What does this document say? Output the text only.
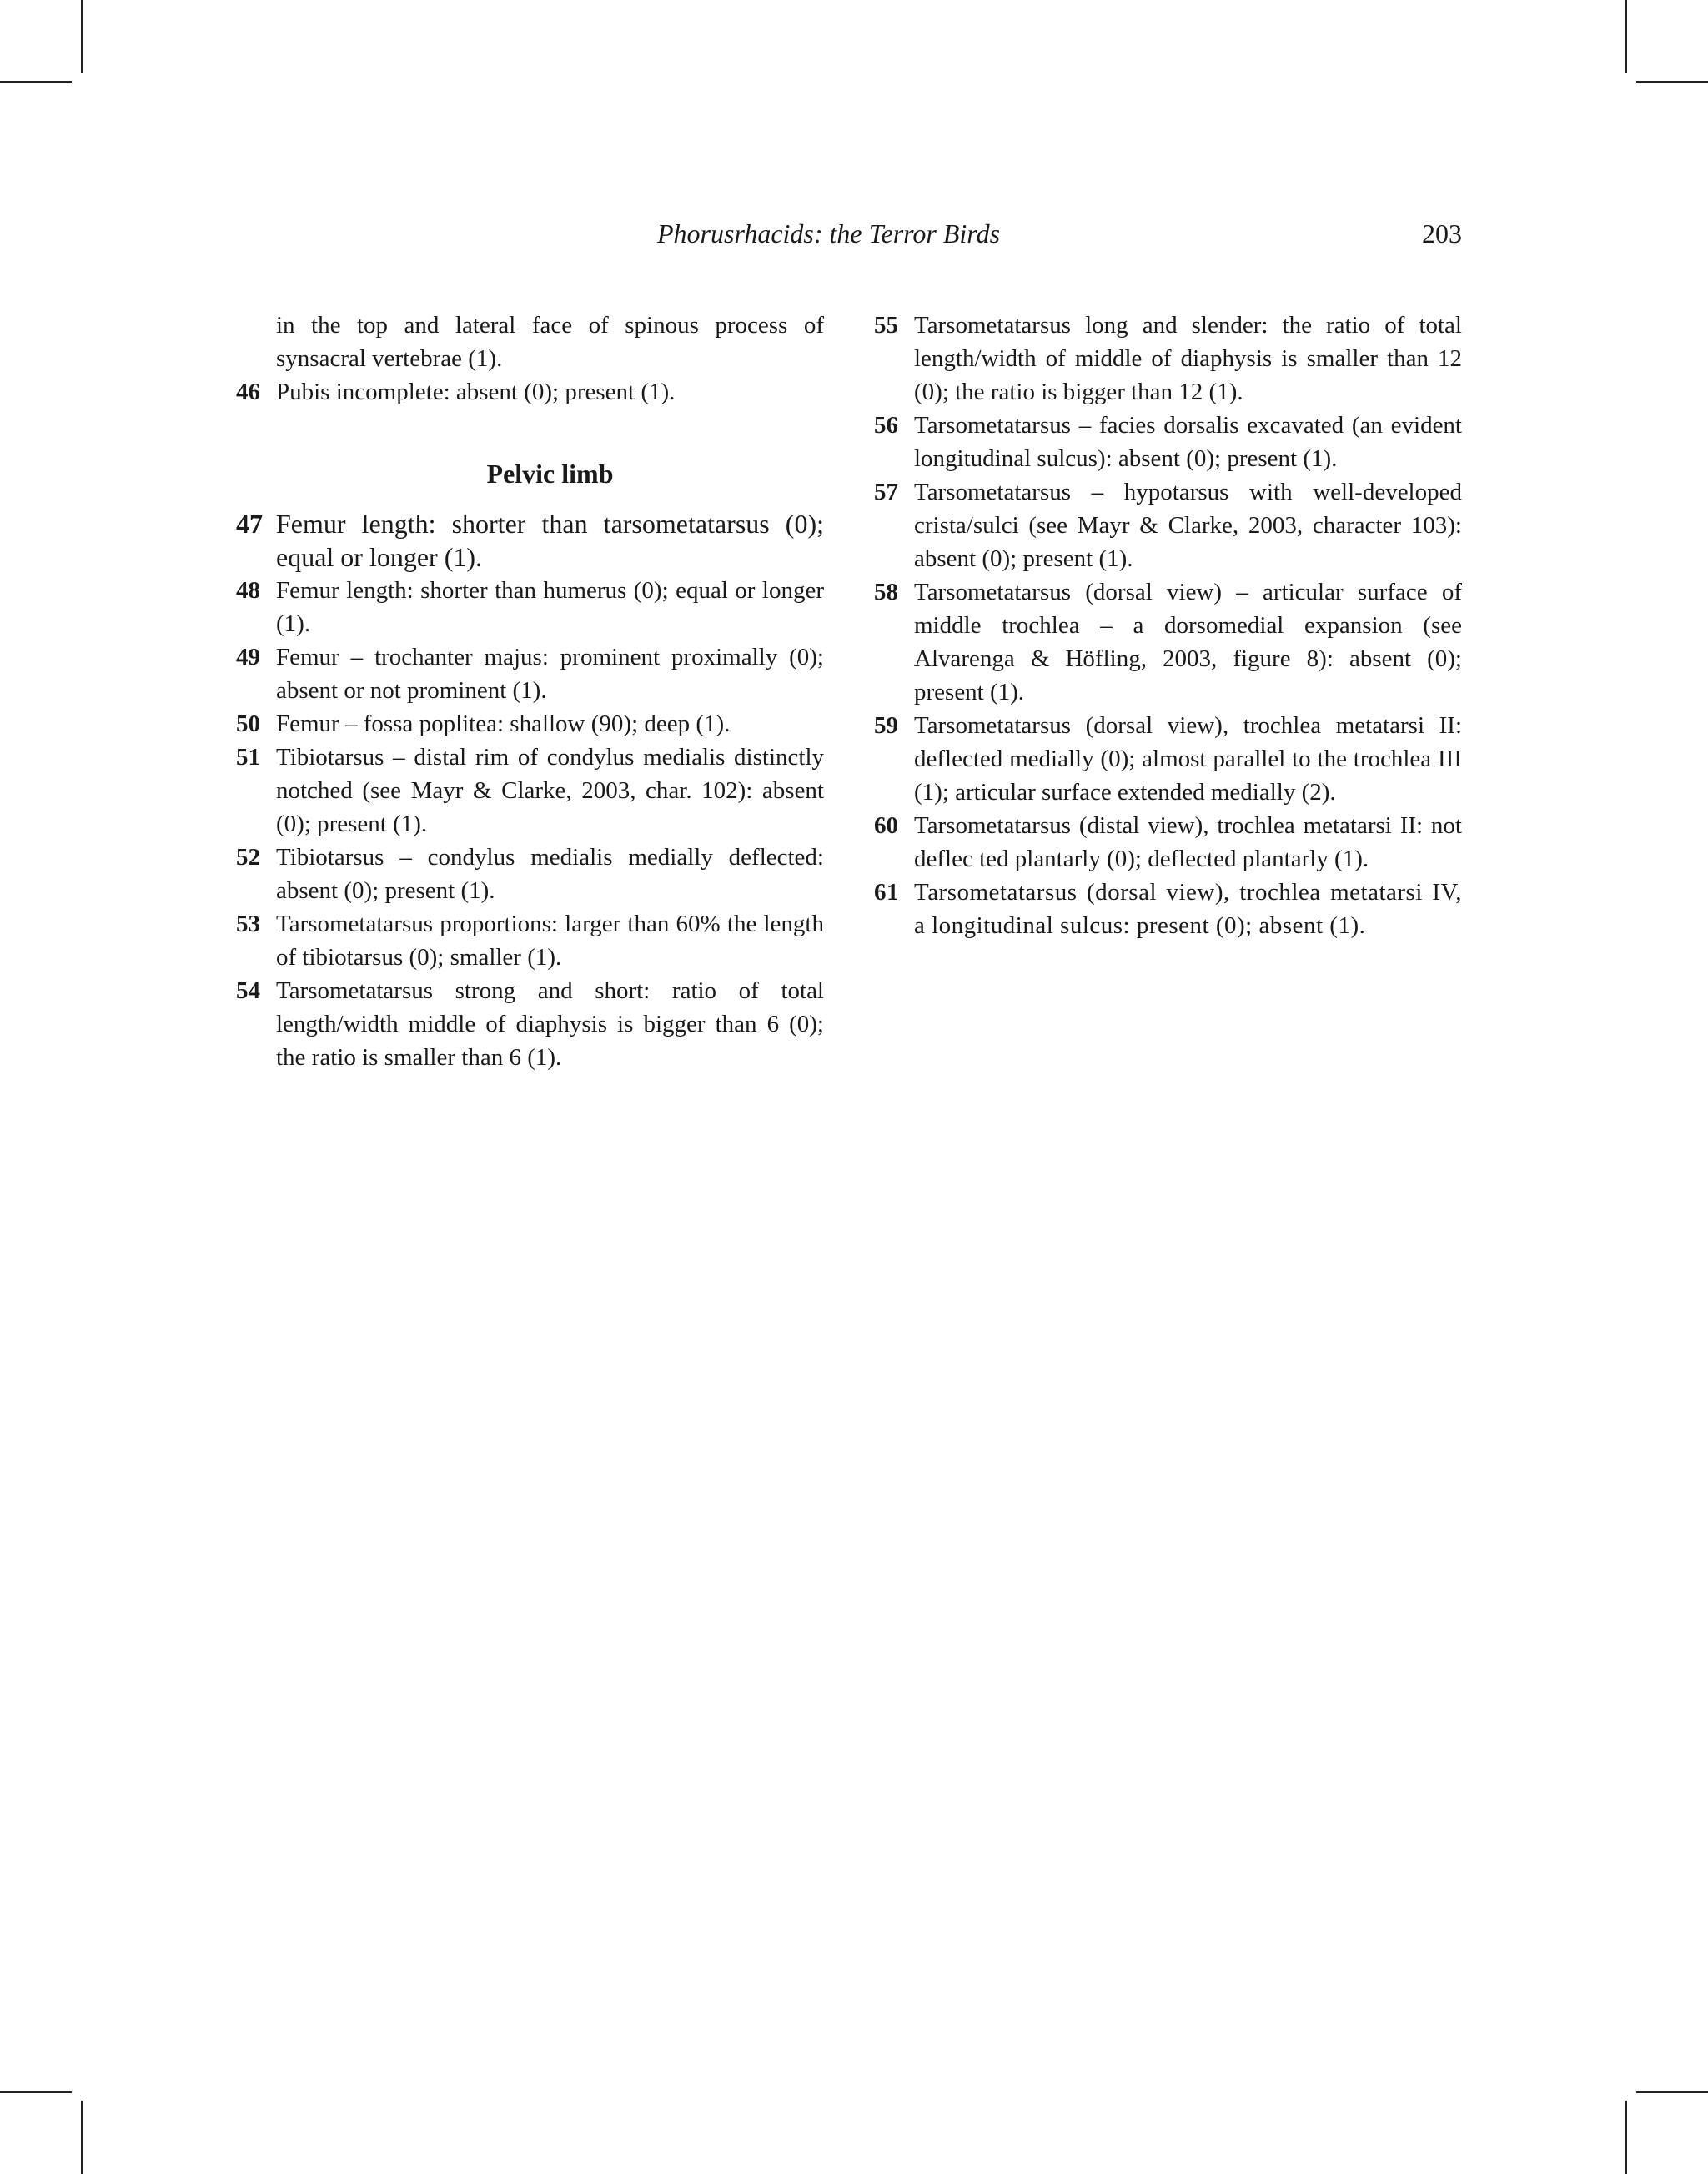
Phorusrhacids: the Terror Birds	203

in the top and lateral face of spinous process of synsacral vertebrae (1).

46 Pubis incomplete: absent (0); present (1).

Pelvic limb

47 Femur length: shorter than tarsometatarsus (0); equal or longer (1).

48 Femur length: shorter than humerus (0); equal or longer (1).

49 Femur – trochanter majus: prominent proximally (0); absent or not prominent (1).

50 Femur – fossa poplitea: shallow (90); deep (1).

51 Tibiotarsus – distal rim of condylus medialis distinctly notched (see Mayr & Clarke, 2003, char. 102): absent (0); present (1).

52 Tibiotarsus – condylus medialis medially deflected: absent (0); present (1).

53 Tarsometatarsus proportions: larger than 60% the length of tibiotarsus (0); smaller (1).

54 Tarsometatarsus strong and short: ratio of total length/width middle of diaphysis is bigger than 6 (0); the ratio is smaller than 6 (1).

55 Tarsometatarsus long and slender: the ratio of total length/width of middle of diaphysis is smaller than 12 (0); the ratio is bigger than 12 (1).

56 Tarsometatarsus – facies dorsalis excavated (an evident longitudinal sulcus): absent (0); present (1).

57 Tarsometatarsus – hypotarsus with well-developed crista/sulci (see Mayr & Clarke, 2003, character 103): absent (0); present (1).

58 Tarsometatarsus (dorsal view) – articular surface of middle trochlea – a dorsomedial expansion (see Alvarenga & Höfling, 2003, figure 8): absent (0); present (1).

59 Tarsometatarsus (dorsal view), trochlea metatarsi II: deflected medially (0); almost parallel to the trochlea III (1); articular surface extended medially (2).

60 Tarsometatarsus (distal view), trochlea metatarsi II: not deflec ted plantarly (0); deflected plantarly (1).

61 Tarsometatarsus (dorsal view), trochlea metatarsi IV, a longitudinal sulcus: present (0); absent (1).
